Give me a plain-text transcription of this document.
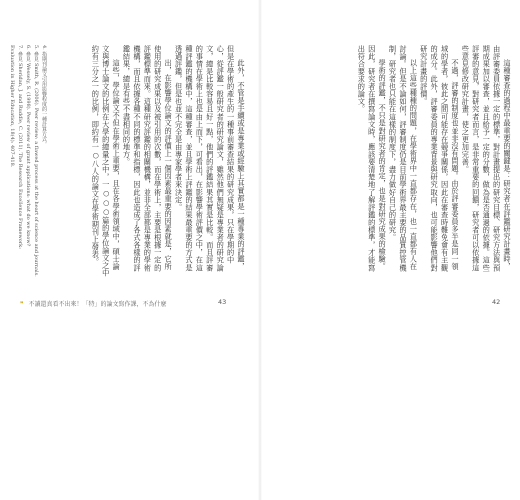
4. 指期刊論文引用影響程度的一種計算方式。
5. 參見 Smith, R. (2006). Peer review: a flawed process at the heart of science and journals.
6. 參見 Wessely, S. (1998). Peer review of grant applications: what do we know?
7. 參見 Sheridan, J. and Ruddle, C. (2011). The Research Excellence Framework: Evaluation in Higher Education, 18(4): 407-418.	此外，不管是手續或是專業或經驗上其實都是一種專業的評鑑，但是在學術的產生的一種事前審查結果的研究成果，只在學期的中心，從評鑑一般研究者的研究論文，雖然他們無疑是專業者的研究論文，總是比較容易且好一點，他們的評鑑結果其實是比較。而且評審的事情在學術上也是由上而下，可看出，在影響學術評價之中，在這種評鑑的機構中，這種審查，並且學術上評鑑的結果最重要的方式是透過評鑑，但是也並不完全是由專家學者來決定。

出，在影響學位論文的評價上一個因素最重要的因素就是，它所使用的研究成果以及被引用的次數，而在學術上，主要是根據一定的評鑑標準而來。這種研究評鑑的相關機構，並非全部都是專業的學術機構，而且依據各種不同的標準和指標，因此也造成了各式各樣的評鑑結果，總是有些不盡相同的地方。

這些，學位論文不但在學術上重要，且在各學術領域中，碩士論文與博士論文的比例在大學的總量之中，一○○○篇的學位論文之中約有三分之一的比例，即約有一○八人的論文在學術期刊上發表。

❞ 不讀還真看不出來！「特」的論文寫作課，不為什麼	43

這種審查的過程中最重要的關鍵是：研究者在評鑑研究計畫時，由評審委員依據一定的標準，對計畫提出的研究目標、研究方法與預期成果加以審查，並且給予一定的分數，做為是否通過的依據。這些評審的意見，對研究者而言，是非常重要的回饋，研究者可以依據這些意見修改研究計畫，使之更加完善。

不過，評審的制度也並非沒有問題。由於評審委員多半是同一領域的學者，彼此之間可能存在競爭關係，因此在審查時難免會有主觀的成分。此外，評審委員的專業背景與研究取向，也可能影響他們對研究計畫的評價。

以上這些種種的問題，在學術界中一直都存在，也一直都有人在討論。但是不論如何，評審制度仍是目前學術界最主要的品質控管機制，研究者也只能在這樣的制度下，盡力做好自己的研究。

學術的評鑑，不只是對研究者的肯定，也是對研究成果的檢驗。因此，研究者在撰寫論文時，應該要清楚地了解評鑑的標準，才能寫出符合要求的論文。

42
